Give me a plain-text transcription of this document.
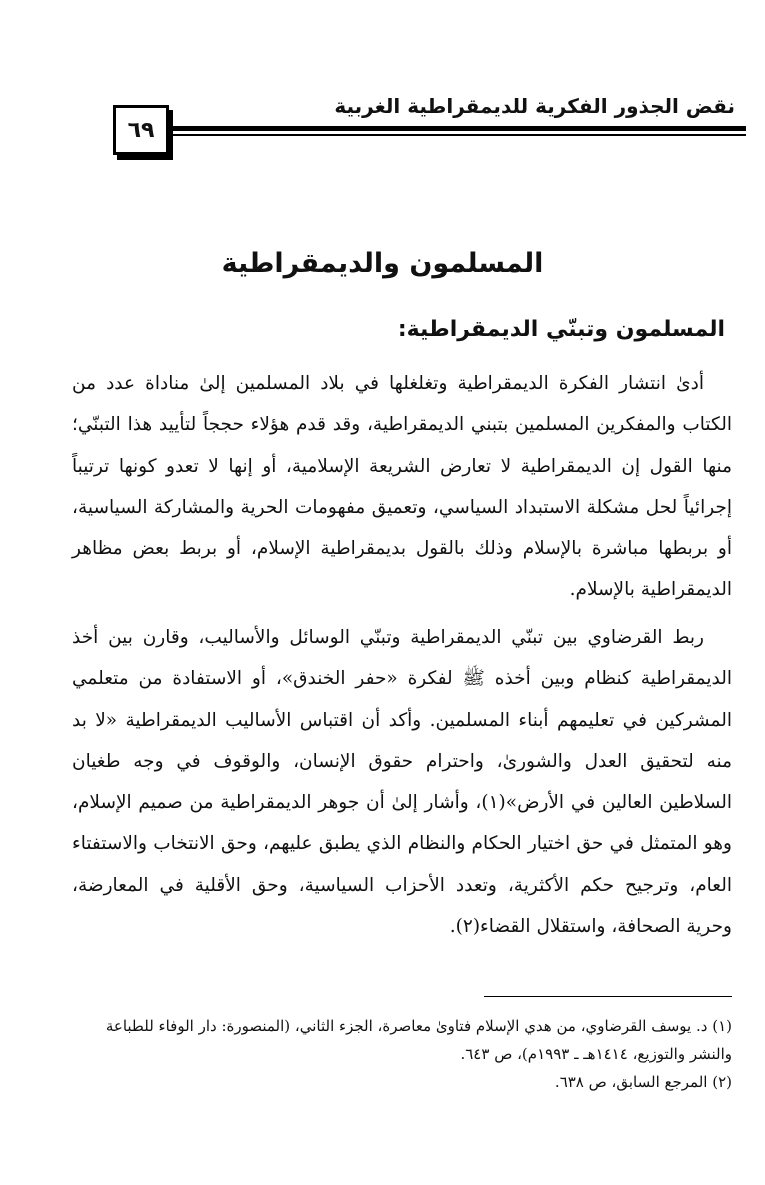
٦٩
نقض الجذور الفكرية للديمقراطية الغربية
المسلمون والديمقراطية
المسلمون وتبنّي الديمقراطية:

أدىٰ انتشار الفكرة الديمقراطية وتغلغلها في بلاد المسلمين إلىٰ مناداة عدد من الكتاب والمفكرين المسلمين بتبني الديمقراطية، وقد قدم هؤلاء حججاً لتأييد هذا التبنّي؛ منها القول إن الديمقراطية لا تعارض الشريعة الإسلامية، أو إنها لا تعدو كونها ترتيباً إجرائياً لحل مشكلة الاستبداد السياسي، وتعميق مفهومات الحرية والمشاركة السياسية، أو بربطها مباشرة بالإسلام وذلك بالقول بديمقراطية الإسلام، أو بربط بعض مظاهر الديمقراطية بالإسلام.

ربط القرضاوي بين تبنّي الديمقراطية وتبنّي الوسائل والأساليب، وقارن بين أخذ الديمقراطية كنظام وبين أخذه ﷺ لفكرة «حفر الخندق»، أو الاستفادة من متعلمي المشركين في تعليمهم أبناء المسلمين. وأكد أن اقتباس الأساليب الديمقراطية «لا بد منه لتحقيق العدل والشورىٰ، واحترام حقوق الإنسان، والوقوف في وجه طغيان السلاطين العالين في الأرض»(١)، وأشار إلىٰ أن جوهر الديمقراطية من صميم الإسلام، وهو المتمثل في حق اختيار الحكام والنظام الذي يطبق عليهم، وحق الانتخاب والاستفتاء العام، وترجيح حكم الأكثرية، وتعدد الأحزاب السياسية، وحق الأقلية في المعارضة، وحرية الصحافة، واستقلال القضاء(٢).

(١) د. يوسف القرضاوي، من هدي الإسلام فتاوىٰ معاصرة، الجزء الثاني، (المنصورة: دار الوفاء للطباعة والنشر والتوزيع، ١٤١٤هـ ـ ١٩٩٣م)، ص ٦٤٣.

(٢) المرجع السابق، ص ٦٣٨.
